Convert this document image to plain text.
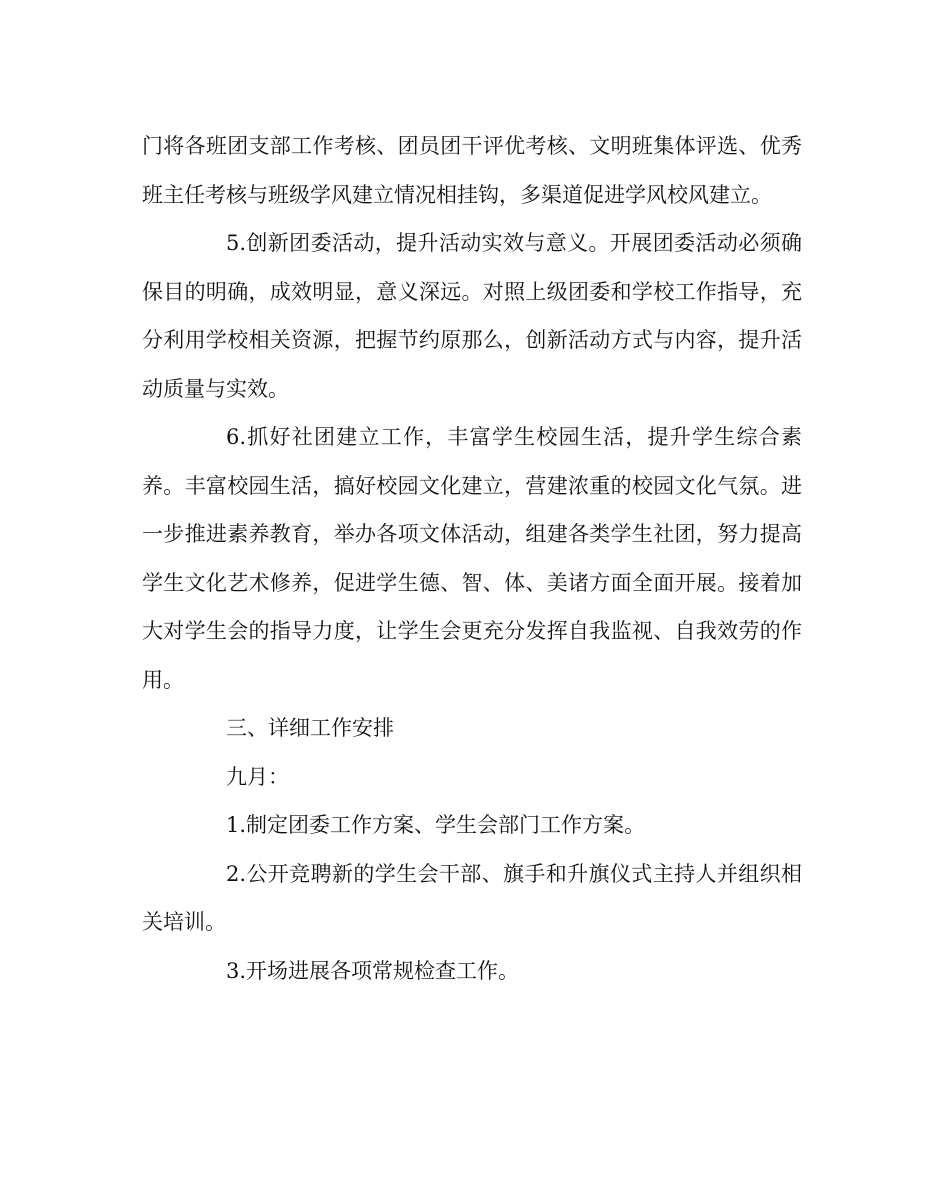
门将各班团支部工作考核、团员团干评优考核、文明班集体评选、优秀班主任考核与班级学风建立情况相挂钩，多渠道促进学风校风建立。

5.创新团委活动，提升活动实效与意义。开展团委活动必须确保目的明确，成效明显，意义深远。对照上级团委和学校工作指导，充分利用学校相关资源，把握节约原那么，创新活动方式与内容，提升活动质量与实效。

6.抓好社团建立工作，丰富学生校园生活，提升学生综合素养。丰富校园生活，搞好校园文化建立，营建浓重的校园文化气氛。进一步推进素养教育，举办各项文体活动，组建各类学生社团，努力提高学生文化艺术修养，促进学生德、智、体、美诸方面全面开展。接着加大对学生会的指导力度，让学生会更充分发挥自我监视、自我效劳的作用。

三、详细工作安排

九月：

1.制定团委工作方案、学生会部门工作方案。

2.公开竞聘新的学生会干部、旗手和升旗仪式主持人并组织相关培训。

3.开场进展各项常规检查工作。
